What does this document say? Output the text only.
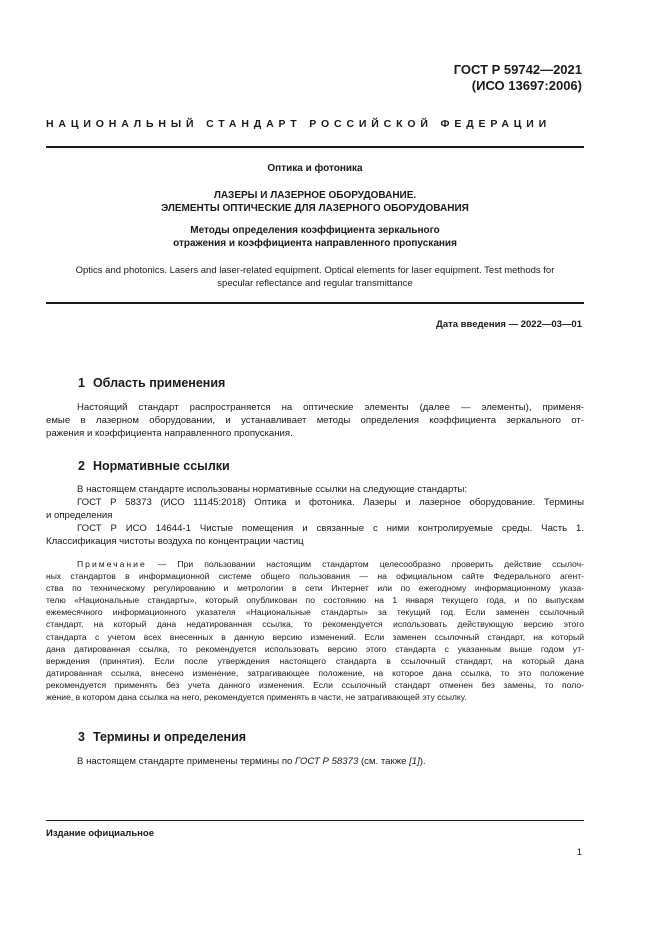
ГОСТ Р 59742—2021
(ИСО 13697:2006)
НАЦИОНАЛЬНЫЙ СТАНДАРТ РОССИЙСКОЙ ФЕДЕРАЦИИ
Оптика и фотоника
ЛАЗЕРЫ И ЛАЗЕРНОЕ ОБОРУДОВАНИЕ.
ЭЛЕМЕНТЫ ОПТИЧЕСКИЕ ДЛЯ ЛАЗЕРНОГО ОБОРУДОВАНИЯ
Методы определения коэффициента зеркального
отражения и коэффициента направленного пропускания
Optics and photonics. Lasers and laser-related equipment. Optical elements for laser equipment. Test methods for
specular reflectance and regular transmittance
Дата введения — 2022—03—01
1 Область применения
Настоящий стандарт распространяется на оптические элементы (далее — элементы), применя-
емые в лазерном оборудовании, и устанавливает методы определения коэффициента зеркального от-
ражения и коэффициента направленного пропускания.
2 Нормативные ссылки
В настоящем стандарте использованы нормативные ссылки на следующие стандарты:
ГОСТ Р 58373 (ИСО 11145:2018) Оптика и фотоника. Лазеры и лазерное оборудование. Термины
и определения
ГОСТ Р ИСО 14644-1 Чистые помещения и связанные с ними контролируемые среды. Часть 1.
Классификация чистоты воздуха по концентрации частиц
Примечание — При пользовании настоящим стандартом целесообразно проверить действие ссылоч-
ных стандартов в информационной системе общего пользования — на официальном сайте Федерального агент-
ства по техническому регулированию и метрологии в сети Интернет или по ежегодному информационному указа-
телю «Национальные стандарты», который опубликован по состоянию на 1 января текущего года, и по выпускам
ежемесячного информационного указателя «Национальные стандарты» за текущий год. Если заменен ссылочный
стандарт, на который дана недатированная ссылка, то рекомендуется использовать действующую версию этого
стандарта с учетом всех внесенных в данную версию изменений. Если заменен ссылочный стандарт, на который
дана датированная ссылка, то рекомендуется использовать версию этого стандарта с указанным выше годом ут-
верждения (принятия). Если после утверждения настоящего стандарта в ссылочный стандарт, на который дана
датированная ссылка, внесено изменение, затрагивающее положение, на которое дана ссылка, то это положение
рекомендуется применять без учета данного изменения. Если ссылочный стандарт отменен без замены, то поло-
жение, в котором дана ссылка на него, рекомендуется применять в части, не затрагивающей эту ссылку.
3 Термины и определения
В настоящем стандарте применены термины по ГОСТ Р 58373 (см. также [1]).
Издание официальное
1
